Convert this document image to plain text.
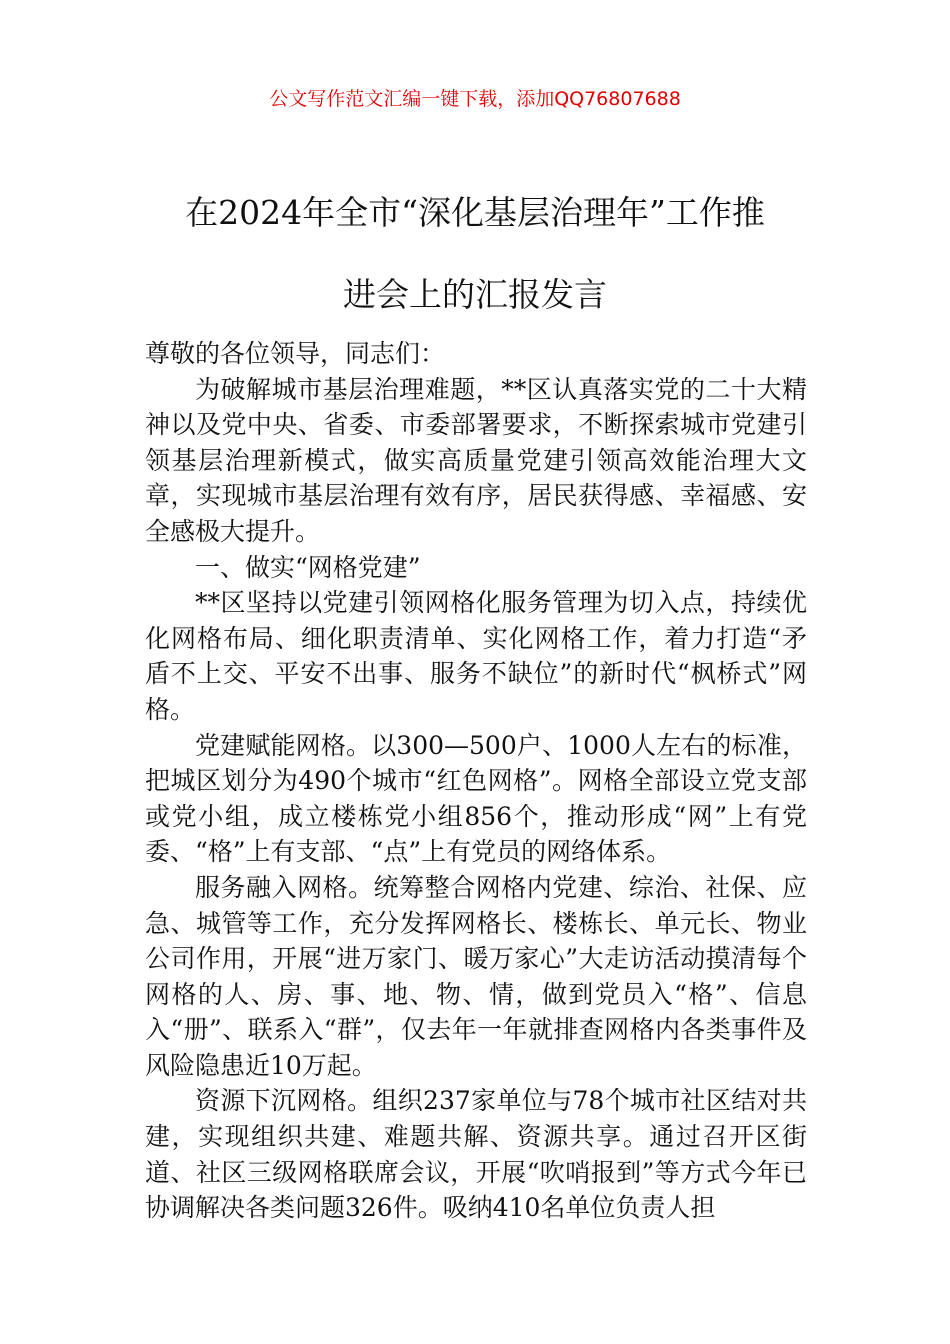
公文写作范文汇编一键下载，添加QQ76807688
在2024年全市“深化基层治理年”工作推
进会上的汇报发言

尊敬的各位领导，同志们：

为破解城市基层治理难题，**区认真落实党的二十大精神以及党中央、省委、市委部署要求，不断探索城市党建引领基层治理新模式，做实高质量党建引领高效能治理大文章，实现城市基层治理有效有序，居民获得感、幸福感、安全感极大提升。

一、做实“网格党建”

**区坚持以党建引领网格化服务管理为切入点，持续优化网格布局、细化职责清单、实化网格工作，着力打造“矛盾不上交、平安不出事、服务不缺位”的新时代“枫桥式”网格。

党建赋能网格。以300—500户、1000人左右的标准，把城区划分为490个城市“红色网格”。网格全部设立党支部或党小组，成立楼栋党小组856个，推动形成“网”上有党委、“格”上有支部、“点”上有党员的网络体系。

服务融入网格。统筹整合网格内党建、综治、社保、应急、城管等工作，充分发挥网格长、楼栋长、单元长、物业公司作用，开展“进万家门、暖万家心”大走访活动摸清每个网格的人、房、事、地、物、情，做到党员入“格”、信息入“册”、联系入“群”，仅去年一年就排查网格内各类事件及风险隐患近10万起。

资源下沉网格。组织237家单位与78个城市社区结对共建，实现组织共建、难题共解、资源共享。通过召开区街道、社区三级网格联席会议，开展“吹哨报到”等方式今年已协调解决各类问题326件。吸纳410名单位负责人担
